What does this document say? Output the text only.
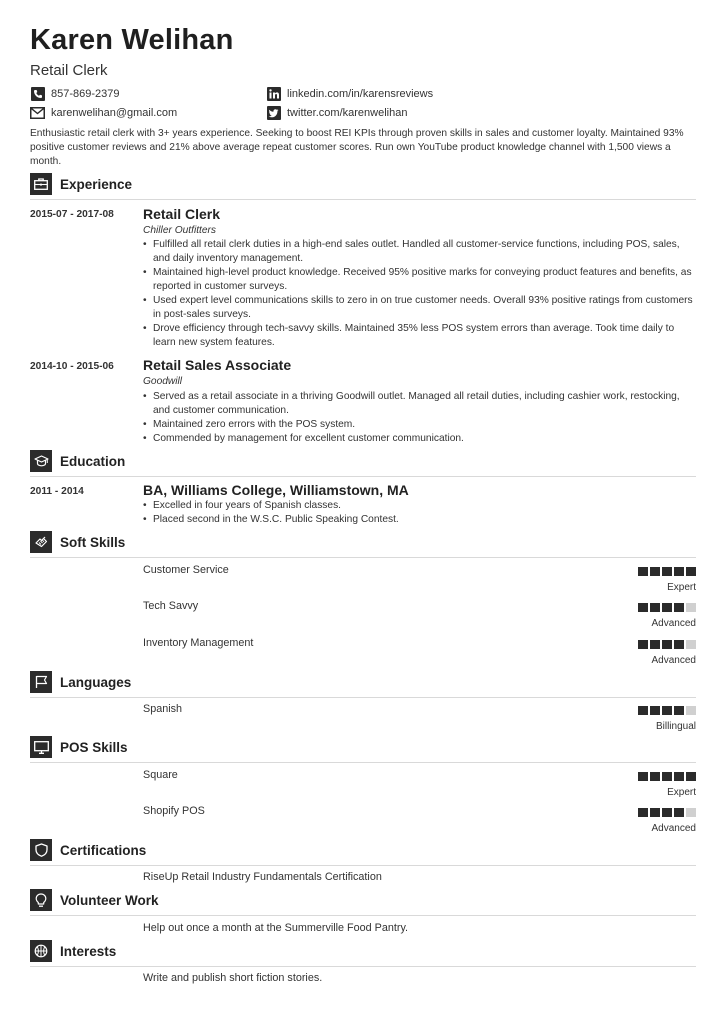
Karen Welihan
Retail Clerk
857-869-2379
karenwelihan@gmail.com
linkedin.com/in/karensreviews
twitter.com/karenwelihan
Enthusiastic retail clerk with 3+ years experience. Seeking to boost REI KPIs through proven skills in sales and customer loyalty. Maintained 93% positive customer reviews and 21% above average repeat customer scores. Run own YouTube product knowledge channel with 1,500 views a month.
Experience
2015-07 - 2017-08 Retail Clerk
Chiller Outfitters
• Fulfilled all retail clerk duties in a high-end sales outlet. Handled all customer-service functions, including POS, sales, and daily inventory management.
• Maintained high-level product knowledge. Received 95% positive marks for conveying product features and benefits, as reported in customer surveys.
• Used expert level communications skills to zero in on true customer needs. Overall 93% positive ratings from customers in post-sales surveys.
• Drove efficiency through tech-savvy skills. Maintained 35% less POS system errors than average. Took time daily to learn new system features.
2014-10 - 2015-06 Retail Sales Associate
Goodwill
• Served as a retail associate in a thriving Goodwill outlet. Managed all retail duties, including cashier work, restocking, and customer communication.
• Maintained zero errors with the POS system.
• Commended by management for excellent customer communication.
Education
2011 - 2014	BA, Williams College, Williamstown, MA
• Excelled in four years of Spanish classes.
• Placed second in the W.S.C. Public Speaking Contest.
Soft Skills
Customer Service
Expert
Tech Savvy
Advanced
Inventory Management
Advanced
Languages
Spanish
Billingual
POS Skills
Square
Expert
Shopify POS
Advanced
Certifications
RiseUp Retail Industry Fundamentals Certification
Volunteer Work
Help out once a month at the Summerville Food Pantry.
Interests
Write and publish short fiction stories.
